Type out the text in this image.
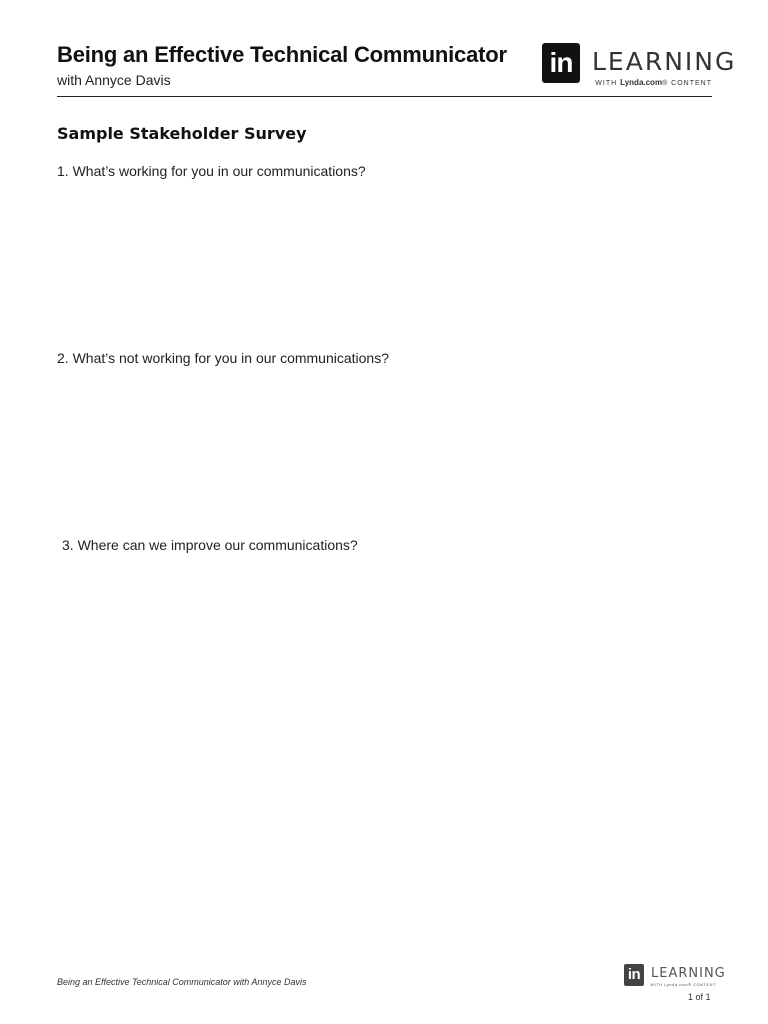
Being an Effective Technical Communicator
with Annyce Davis
in LEARNING
WITH Lynda.com® CONTENT
Sample Stakeholder Survey
1. What’s working for you in our communications?
2. What’s not working for you in our communications?
3. Where can we improve our communications?
Being an Effective Technical Communicator with Annyce Davis	in LEARNING
WITH Lynda.com® CONTENT
1 of 1
